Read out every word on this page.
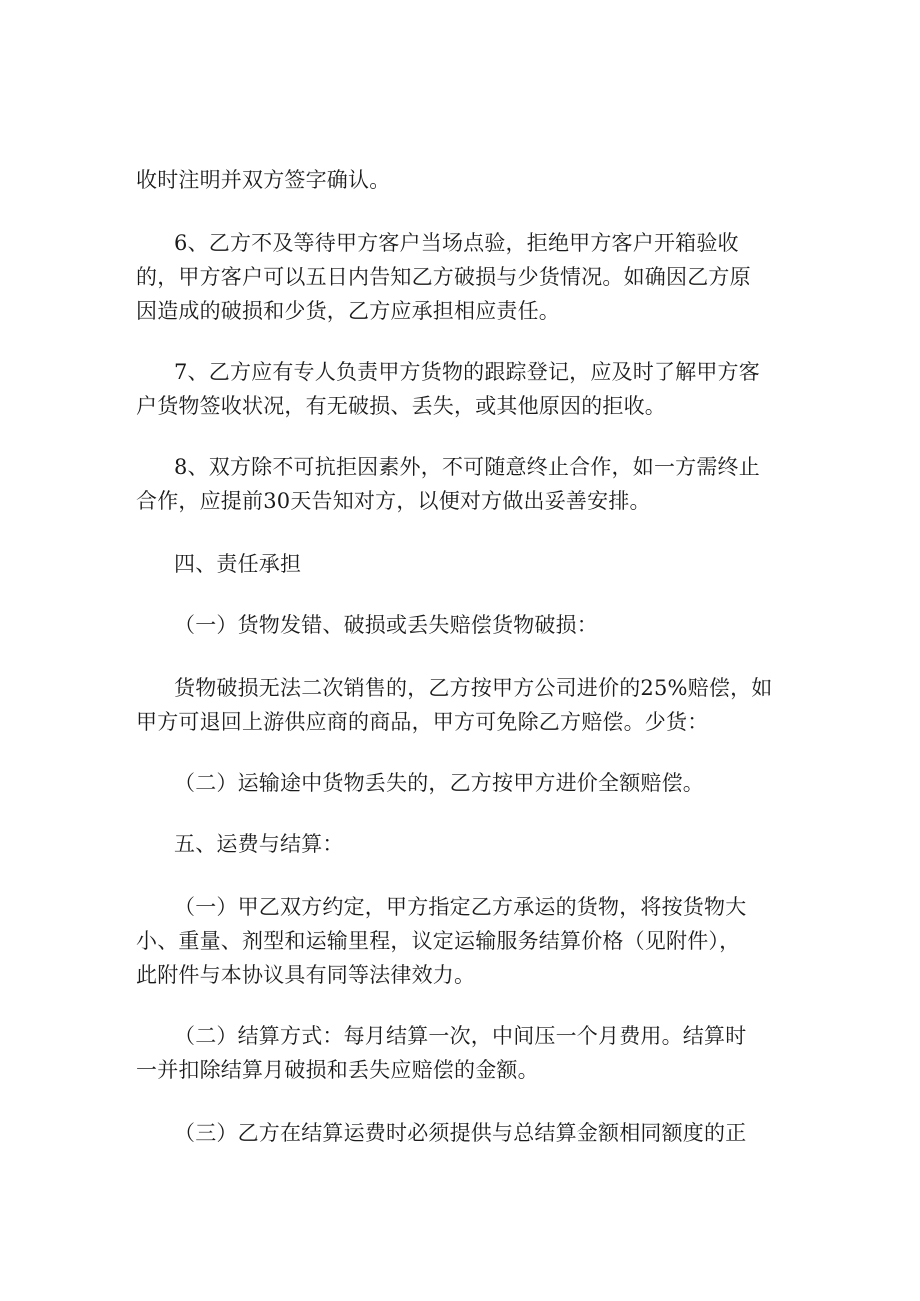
收时注明并双方签字确认。
6、乙方不及等待甲方客户当场点验，拒绝甲方客户开箱验收
的，甲方客户可以五日内告知乙方破损与少货情况。如确因乙方原
因造成的破损和少货，乙方应承担相应责任。
7、乙方应有专人负责甲方货物的跟踪登记，应及时了解甲方客
户货物签收状况，有无破损、丢失，或其他原因的拒收。
8、双方除不可抗拒因素外，不可随意终止合作，如一方需终止
合作，应提前30天告知对方，以便对方做出妥善安排。
四、责任承担
（一）货物发错、破损或丢失赔偿货物破损：
货物破损无法二次销售的，乙方按甲方公司进价的25%赔偿，如
甲方可退回上游供应商的商品，甲方可免除乙方赔偿。少货：
（二）运输途中货物丢失的，乙方按甲方进价全额赔偿。
五、运费与结算：
（一）甲乙双方约定，甲方指定乙方承运的货物，将按货物大
小、重量、剂型和运输里程，议定运输服务结算价格（见附件），
此附件与本协议具有同等法律效力。
（二）结算方式：每月结算一次，中间压一个月费用。结算时
一并扣除结算月破损和丢失应赔偿的金额。
（三）乙方在结算运费时必须提供与总结算金额相同额度的正
